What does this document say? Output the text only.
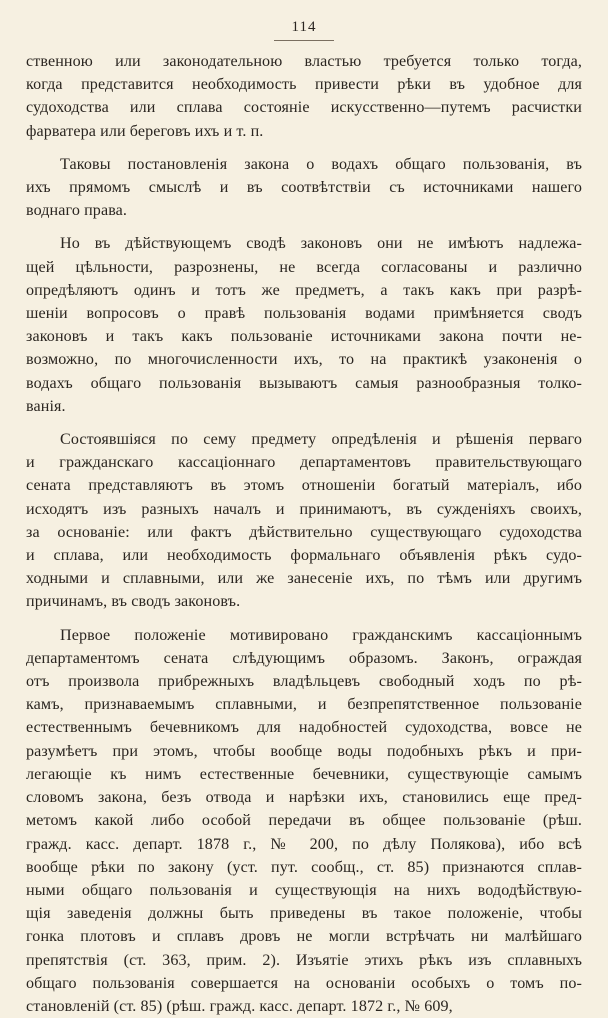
114

ственною или законодательною властью требуется только тогда,
когда представится необходимость привести рѣки въ удобное для
судоходства или сплава состояніе искусственно—путемъ расчистки
фарватера или береговъ ихъ и т. п.

Таковы постановленія закона о водахъ общаго пользованія, въ
ихъ прямомъ смыслѣ и въ соотвѣтствіи съ источниками нашего
воднаго права.

Но въ дѣйствующемъ сводѣ законовъ они не имѣютъ надлежа-
щей цѣльности, разрознены, не всегда согласованы и различно
опредѣляютъ одинъ и тотъ же предметъ, а такъ какъ при разрѣ-
шеніи вопросовъ о правѣ пользованія водами примѣняется сводъ
законовъ и такъ какъ пользованіе источниками закона почти не-
возможно, по многочисленности ихъ, то на практикѣ узаконенія о
водахъ общаго пользованія вызываютъ самыя разнообразныя толко-
ванія.

Состоявшіяся по сему предмету опредѣленія и рѣшенія перваго
и гражданскаго кассаціоннаго департаментовъ правительствующаго
сената представляютъ въ этомъ отношеніи богатый матеріалъ, ибо
исходятъ изъ разныхъ началъ и принимаютъ, въ сужденіяхъ своихъ,
за основаніе: или фактъ дѣйствительно существующаго судоходства
и сплава, или необходимость формальнаго объявленія рѣкъ судо-
ходными и сплавными, или же занесеніе ихъ, по тѣмъ или другимъ
причинамъ, въ сводъ законовъ.

Первое положеніе мотивировано гражданскимъ кассаціоннымъ
департаментомъ сената слѣдующимъ образомъ. Законъ, ограждая
отъ произвола прибрежныхъ владѣльцевъ свободный ходъ по рѣ-
камъ, признаваемымъ сплавными, и безпрепятственное пользованіе
естественнымъ бечевникомъ для надобностей судоходства, вовсе не
разумѣетъ при этомъ, чтобы вообще воды подобныхъ рѣкъ и при-
легающіе къ нимъ естественные бечевники, существующіе самымъ
словомъ закона, безъ отвода и нарѣзки ихъ, становились еще пред-
метомъ какой либо особой передачи въ общее пользованіе (рѣш.
гражд. касс. департ. 1878 г., № 200, по дѣлу Полякова), ибо всѣ
вообще рѣки по закону (уст. пут. сообщ., ст. 85) признаются сплав-
ными общаго пользованія и существующія на нихъ вододѣйствую-
щія заведенія должны быть приведены въ такое положеніе, чтобы
гонка плотовъ и сплавъ дровъ не могли встрѣчать ни малѣйшаго
препятствія (ст. 363, прим. 2). Изъятіе этихъ рѣкъ изъ сплавныхъ
общаго пользованія совершается на основаніи особыхъ о томъ по-
становленій (ст. 85) (рѣш. гражд. касс. департ. 1872 г., № 609,
